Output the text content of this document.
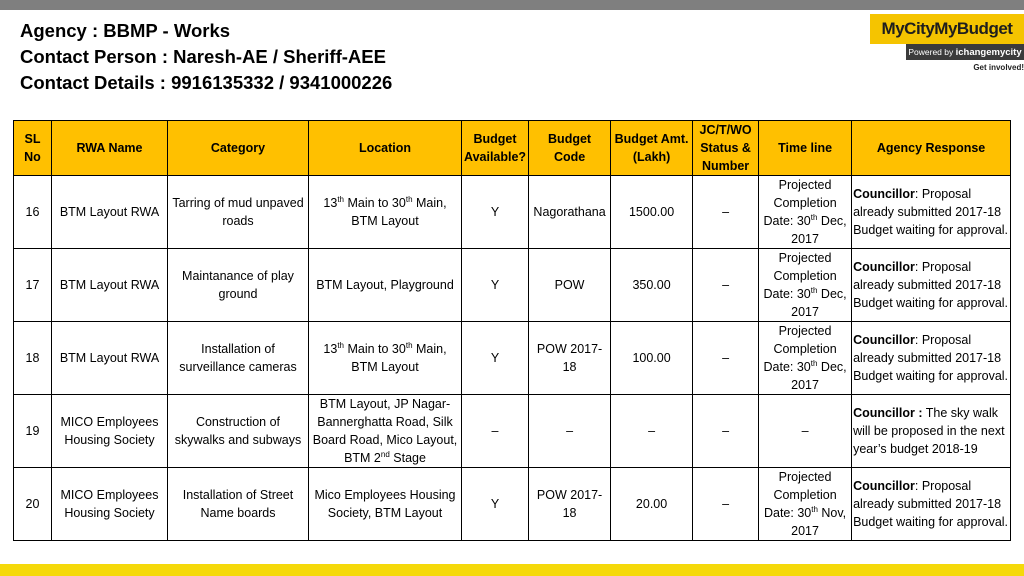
Agency : BBMP - Works
Contact Person : Naresh-AE / Sheriff-AEE
Contact Details : 9916135332 / 9341000226
MyCityMyBudget
Powered by ichangemycity
Get involved!
SL No	RWA Name	Category	Location	Budget Available?	Budget Code	Budget Amt. (Lakh)	JC/T/WO Status & Number	Time line	Agency Response
16	BTM Layout RWA	Tarring of mud unpaved roads	13th Main to 30th Main, BTM Layout	Y	Nagorathana	1500.00	–	Projected Completion Date: 30th Dec, 2017	Councillor: Proposal already submitted 2017-18 Budget waiting for approval.
17	BTM Layout RWA	Maintanance of play ground	BTM Layout, Playground	Y	POW	350.00	–	Projected Completion Date: 30th Dec, 2017	Councillor: Proposal already submitted 2017-18 Budget waiting for approval.
18	BTM Layout RWA	Installation of surveillance cameras	13th Main to 30th Main, BTM Layout	Y	POW 2017-18	100.00	–	Projected Completion Date: 30th Dec, 2017	Councillor: Proposal already submitted 2017-18 Budget waiting for approval.
19	MICO Employees Housing Society	Construction of skywalks and subways	BTM Layout, JP Nagar-Bannerghatta Road, Silk Board Road, Mico Layout, BTM 2nd Stage	–	–	–	–	–	Councillor : The sky walk will be proposed in the next year’s budget 2018-19
20	MICO Employees Housing Society	Installation of Street Name boards	Mico Employees Housing Society, BTM Layout	Y	POW 2017-18	20.00	–	Projected Completion Date: 30th Nov, 2017	Councillor: Proposal already submitted 2017-18 Budget waiting for approval.
